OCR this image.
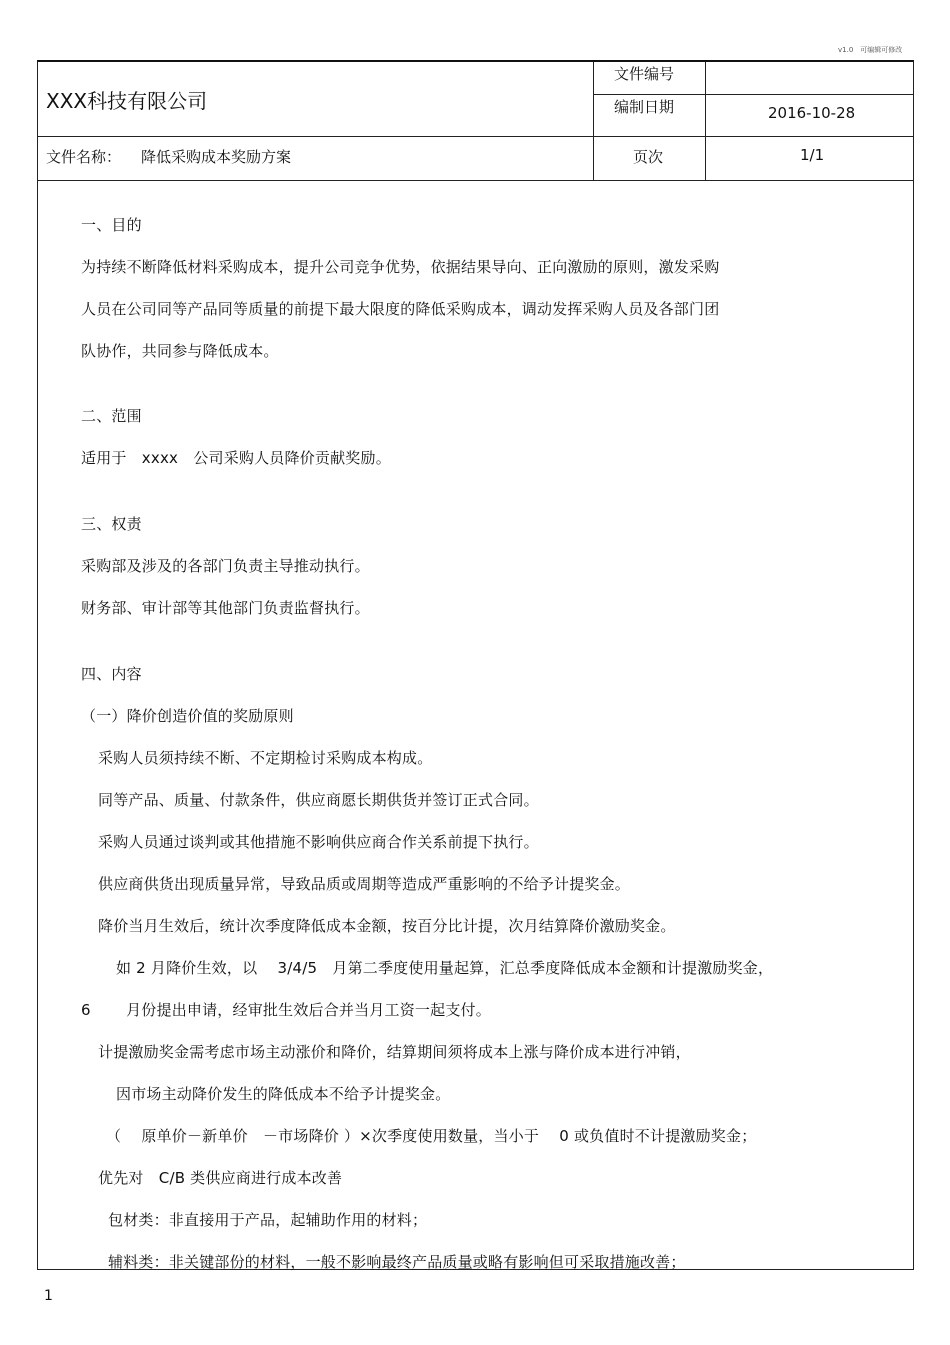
v1.0　可编辑可修改
XXX科技有限公司
文件编号
编制日期	2016-10-28
文件名称： 降低采购成本奖励方案	页次	1/1
一、目的
为持续不断降低材料采购成本，提升公司竞争优势，依据结果导向、正向激励的原则，激发采购
人员在公司同等产品同等质量的前提下最大限度的降低采购成本，调动发挥采购人员及各部门团
队协作，共同参与降低成本。
二、范围
适用于　xxxx　公司采购人员降价贡献奖励。
三、权责
采购部及涉及的各部门负责主导推动执行。
财务部、审计部等其他部门负责监督执行。
四、内容
（一）降价创造价值的奖励原则
采购人员须持续不断、不定期检讨采购成本构成。
同等产品、质量、付款条件，供应商愿长期供货并签订正式合同。
采购人员通过谈判或其他措施不影响供应商合作关系前提下执行。
供应商供货出现质量异常，导致品质或周期等造成严重影响的不给予计提奖金。
降价当月生效后，统计次季度降低成本金额，按百分比计提，次月结算降价激励奖金。
如 2 月降价生效，以　 3/4/5　月第二季度使用量起算，汇总季度降低成本金额和计提激励奖金，
6　　 月份提出申请，经审批生效后合并当月工资一起支付。
计提激励奖金需考虑市场主动涨价和降价，结算期间须将成本上涨与降价成本进行冲销，
因市场主动降价发生的降低成本不给予计提奖金。
（　 原单价－新单价　－市场降价 ）×次季度使用数量，当小于　 0 或负值时不计提激励奖金；
优先对　C/B 类供应商进行成本改善
包材类：非直接用于产品，起辅助作用的材料；
辅料类：非关键部份的材料，一般不影响最终产品质量或略有影响但可采取措施改善；
1
